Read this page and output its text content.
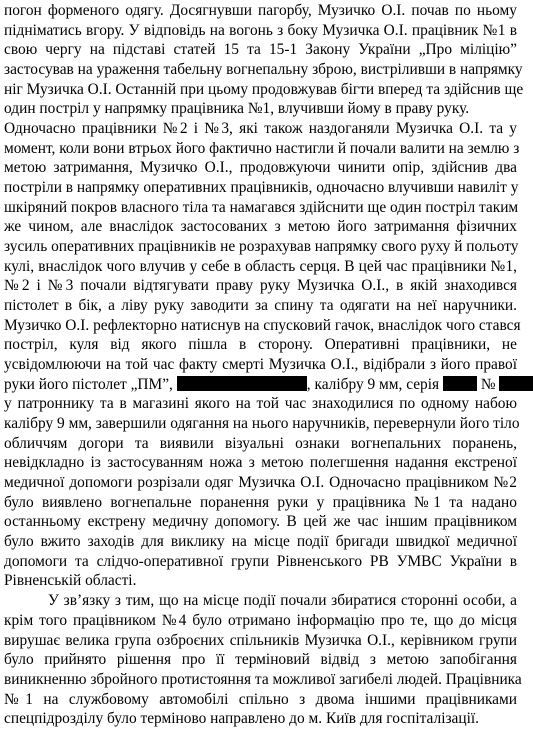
погон форменого одягу. Досягнувши пагорбу, Музичко О.І. почав по ньому
підніматись вгору. У відповідь на вогонь з боку Музичка О.І. працівник №1 в
свою чергу на підставі статей 15 та 15-1 Закону України „Про міліцію”
застосував на ураження табельну вогнепальну зброю, вистріливши в напрямку
ніг Музичка О.І. Останній при цьому продовжував бігти вперед та здійснив ще
один постріл у напрямку працівника №1, влучивши йому в праву руку.
Одночасно працівники №2 і №3, які також наздоганяли Музичка О.І. та у
момент, коли вони втрьох його фактично настигли й почали валити на землю з
метою затримання, Музичко О.І., продовжуючи чинити опір, здійснив два
постріли в напрямку оперативних працівників, одночасно влучивши навиліт у
шкіряний покров власного тіла та намагався здійснити ще один постріл таким
же чином, але внаслідок застосованих з метою його затримання фізичних
зусиль оперативних працівників не розрахував напрямку свого руху й польоту
кулі, внаслідок чого влучив у себе в область серця. В цей час працівники №1,
№2 і №3 почали відтягувати праву руку Музичка О.І., в якій знаходився
пістолет в бік, а ліву руку заводити за спину та одягати на неї наручники.
Музичко О.І. рефлекторно натиснув на спусковий гачок, внаслідок чого стався
постріл, куля від якого пішла в сторону. Оперативні працівники, не
усвідомлюючи на той час факту смерті Музичка О.І., відібрали з його правої
руки його пістолет „ПМ”,	, калібру 9 мм, серія  №
у патроннику та в магазині якого на той час знаходилися по одному набою
калібру 9 мм, завершили одягання на нього наручників, перевернули його тіло
обличчям догори та виявили візуальні ознаки вогнепальних поранень,
невідкладно із застосуванням ножа з метою полегшення надання екстреної
медичної допомоги розрізали одяг Музичка О.І. Одночасно працівником №2
було виявлено вогнепальне поранення руки у працівника №1 та надано
останньому екстрену медичну допомогу. В цей же час іншим працівником
було вжито заходів для виклику на місце події бригади швидкої медичної
допомоги та слідчо-оперативної групи Рівненського РВ УМВС України в
Рівненській області.
У зв’язку з тим, що на місце події почали збиратися сторонні особи, а
крім того працівником №4 було отримано інформацію про те, що до місця
вирушає велика група озброєних спільників Музичка О.І., керівником групи
було прийнято рішення про її терміновий відвід з метою запобігання
виникненню збройного протистояння та можливої загибелі людей. Працівника
№1 на службовому автомобілі спільно з двома іншими працівниками
спецпідрозділу було терміново направлено до м. Київ для госпіталізації.
